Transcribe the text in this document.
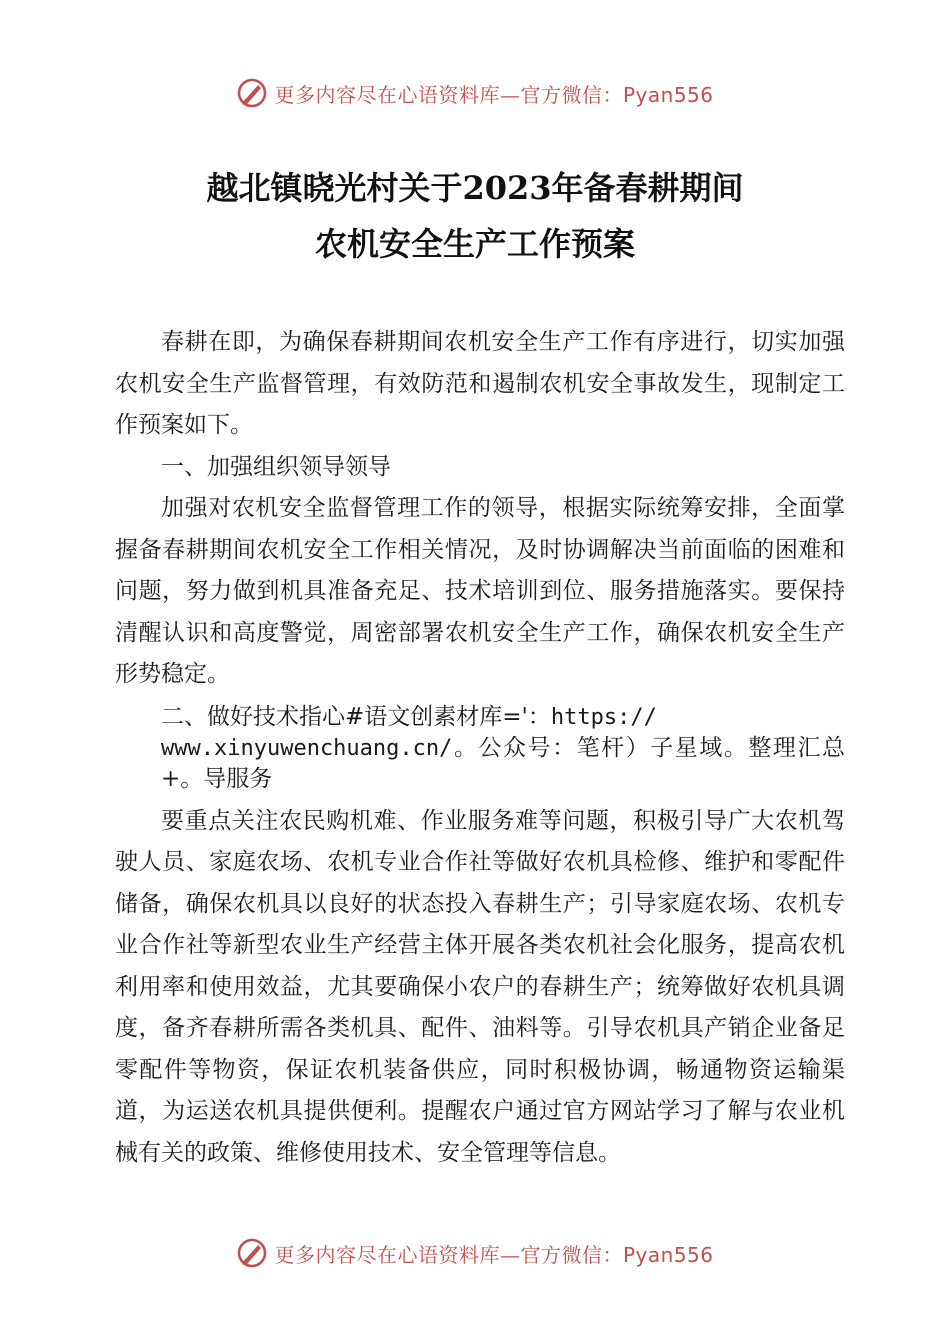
更多内容尽在心语资料库—官方微信：Pyan556
越北镇晓光村关于2023年备春耕期间
农机安全生产工作预案

春耕在即，为确保春耕期间农机安全生产工作有序进行，切实加强农机安全生产监督管理，有效防范和遏制农机安全事故发生，现制定工作预案如下。

一、加强组织领导领导

加强对农机安全监督管理工作的领导，根据实际统筹安排，全面掌握备春耕期间农机安全工作相关情况，及时协调解决当前面临的困难和问题，努力做到机具准备充足、技术培训到位、服务措施落实。要保持清醒认识和高度警觉，周密部署农机安全生产工作，确保农机安全生产形势稳定。

二、做好技术指心#语文创素材库='：https://
www.xinyuwenchuang.cn/。公众号：笔杆）子星域。整理汇总+。导服务

要重点关注农民购机难、作业服务难等问题，积极引导广大农机驾驶人员、家庭农场、农机专业合作社等做好农机具检修、维护和零配件储备，确保农机具以良好的状态投入春耕生产；引导家庭农场、农机专业合作社等新型农业生产经营主体开展各类农机社会化服务，提高农机利用率和使用效益，尤其要确保小农户的春耕生产；统筹做好农机具调度，备齐春耕所需各类机具、配件、油料等。引导农机具产销企业备足零配件等物资，保证农机装备供应，同时积极协调，畅通物资运输渠道，为运送农机具提供便利。提醒农户通过官方网站学习了解与农业机械有关的政策、维修使用技术、安全管理等信息。

更多内容尽在心语资料库—官方微信：Pyan556
